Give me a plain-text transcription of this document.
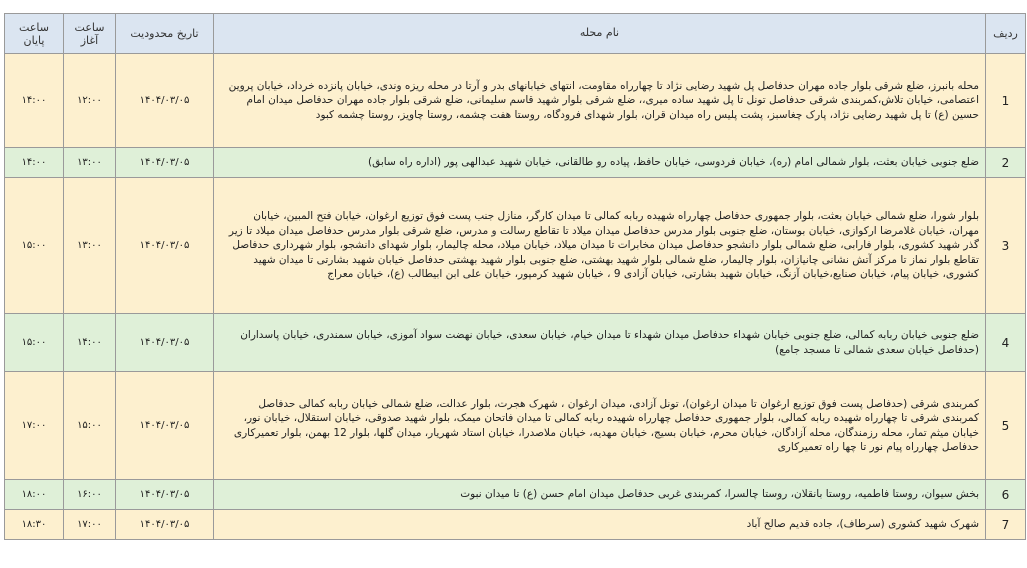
ردیف	نام محله	تاریخ محدودیت	ساعت آغاز	ساعت پایان
1	محله بانبرز، ضلع شرقی بلوار جاده مهران حدفاصل پل شهید رضایی نژاد تا چهارراه مقاومت، انتهای خیابانهای بدر و آرتا در محله ریزه وندی، خیابان پانزده خرداد، خیابان پروین اعتصامی، خیابان تلاش،کمربندی شرقی حدفاصل تونل تا پل شهید ساده میری،، ضلع شرقی بلوار شهید قاسم سلیمانی، ضلع شرقی بلوار جاده مهران حدفاصل میدان امام حسین (ع) تا پل شهید رضایی نژاد، پارک چغاسبز، پشت پلیس راه میدان قران، بلوار شهدای فرودگاه، روستا هفت چشمه، روستا چاویز، روستا چشمه کبود	۱۴۰۴/۰۳/۰۵	۱۲:۰۰	۱۴:۰۰
2	ضلع جنوبی خیابان بعثت، بلوار شمالی امام (ره)، خیابان فردوسی، خیابان حافظ، پیاده رو طالقانی، خیابان شهید عبدالهی پور (اداره راه سابق)	۱۴۰۴/۰۳/۰۵	۱۳:۰۰	۱۴:۰۰
3	بلوار شورا، ضلع شمالی خیابان بعثت، بلوار جمهوری حدفاصل چهارراه شهیده ربابه کمالی تا میدان کارگر، منازل جنب پست فوق توزیع ارغوان، خیابان فتح المبین، خیابان مهران، خیابان غلامرضا ارکوازی، خیابان بوستان، ضلع جنوبی بلوار مدرس حدفاصل میدان میلاد تا تقاطع رسالت و مدرس، ضلع شرقی بلوار مدرس حدفاصل میدان میلاد تا زیر گذر شهید کشوری، بلوار فارابی، ضلع شمالی بلوار دانشجو حدفاصل میدان مخابرات تا میدان میلاد، خیابان میلاد، محله چالیمار، بلوار شهدای دانشجو، بلوار شهرداری حدفاصل تقاطع بلوار نماز تا مرکز آتش نشانی چانیازان، بلوار چالیمار، ضلع شمالی بلوار شهید بهشتی، ضلع جنوبی بلوار شهید بهشتی حدفاصل خیابان شهید بشارتی تا میدان شهید کشوری، خیابان پیام، خیابان صنایع،خیابان آزنگ، خیابان شهید بشارتی، خیابان آزادی 9 ، خیابان شهید کرمپور، خیابان علی ابن ابیطالب (ع)، خیابان معراج	۱۴۰۴/۰۳/۰۵	۱۳:۰۰	۱۵:۰۰
4	ضلع جنوبی خیابان ربابه کمالی، ضلع جنوبی خیابان شهداء حدفاصل میدان شهداء تا میدان خیام، خیابان سعدی، خیابان نهضت سواد آموزی، خیابان سمندری، خیابان پاسداران (حدفاصل خیابان سعدی شمالی تا مسجد جامع)	۱۴۰۴/۰۳/۰۵	۱۴:۰۰	۱۵:۰۰
5	کمربندی شرقی (حدفاصل پست فوق توزیع ارغوان تا میدان ارغوان)، تونل آزادی، میدان ارغوان ، شهرک هجرت، بلوار عدالت، ضلع شمالی خیابان ربابه کمالی حدفاصل کمربندی شرقی تا چهارراه شهیده ربابه کمالی، بلوار جمهوری حدفاصل چهارراه شهیده ربابه کمالی تا میدان فاتحان میمک، بلوار شهید صدوقی، خیابان استقلال، خیابان نور، خیابان میثم تمار، محله رزمندگان، محله آزادگان، خیابان محرم، خیابان بسیج، خیابان مهدیه، خیابان ملاصدرا، خیابان استاد شهریار، میدان گلها، بلوار 12 بهمن، بلوار تعمیرکاری حدفاصل چهارراه پیام نور تا چها راه تعمیرکاری	۱۴۰۴/۰۳/۰۵	۱۵:۰۰	۱۷:۰۰
6	بخش سیوان، روستا فاطمیه، روستا بانقلان، روستا چالسرا، کمربندی غربی حدفاصل میدان امام حسن (ع) تا میدان نبوت	۱۴۰۴/۰۳/۰۵	۱۶:۰۰	۱۸:۰۰
7	شهرک شهید کشوری (سرطاف)، جاده قدیم صالح آباد	۱۴۰۴/۰۳/۰۵	۱۷:۰۰	۱۸:۳۰
